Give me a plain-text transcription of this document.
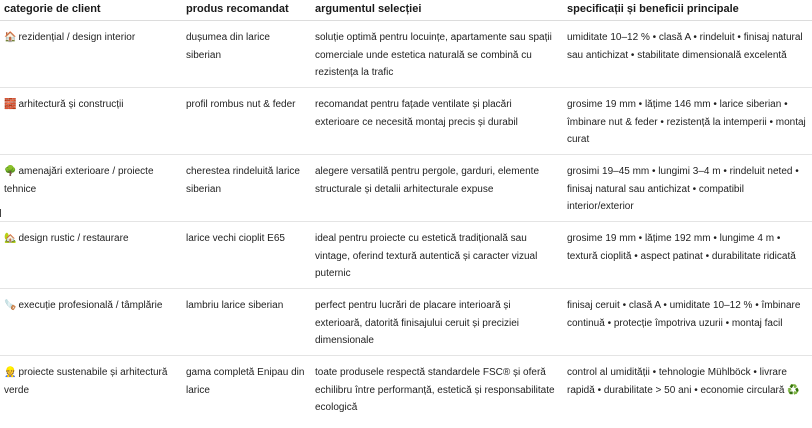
categorie de client	produs recomandat	argumentul selecției	specificații și beneficii principale
🏠 rezidențial / design interior	dușumea din larice siberian	soluție optimă pentru locuințe, apartamente sau spații comerciale unde estetica naturală se combină cu rezistența la trafic	umiditate 10–12 % • clasă A • rindeluit • finisaj natural sau antichizat • stabilitate dimensională excelentă
🧱 arhitectură și construcții	profil rombus nut & feder	recomandat pentru fațade ventilate și placări exterioare ce necesită montaj precis și durabil	grosime 19 mm • lățime 146 mm • larice siberian • îmbinare nut & feder • rezistență la intemperii • montaj curat
🌳 amenajări exterioare / proiecte tehnice	cherestea rindeluită larice siberian	alegere versatilă pentru pergole, garduri, elemente structurale și detalii arhitecturale expuse	grosimi 19–45 mm • lungimi 3–4 m • rindeluit neted • finisaj natural sau antichizat • compatibil interior/exterior
🏡 design rustic / restaurare	larice vechi cioplit E65	ideal pentru proiecte cu estetică tradițională sau vintage, oferind textură autentică și caracter vizual puternic	grosime 19 mm • lățime 192 mm • lungime 4 m • textură cioplită • aspect patinat • durabilitate ridicată
🪚 execuție profesională / tâmplărie	lambriu larice siberian	perfect pentru lucrări de placare interioară și exterioară, datorită finisajului ceruit și preciziei dimensionale	finisaj ceruit • clasă A • umiditate 10–12 % • îmbinare continuă • protecție împotriva uzurii • montaj facil
👷 proiecte sustenabile și arhitectură verde	gama completă Enipau din larice	toate produsele respectă standardele FSC® și oferă echilibru între performanță, estetică și responsabilitate ecologică	control al umidității • tehnologie Mühlböck • livrare rapidă • durabilitate > 50 ani • economie circulară ♻️
